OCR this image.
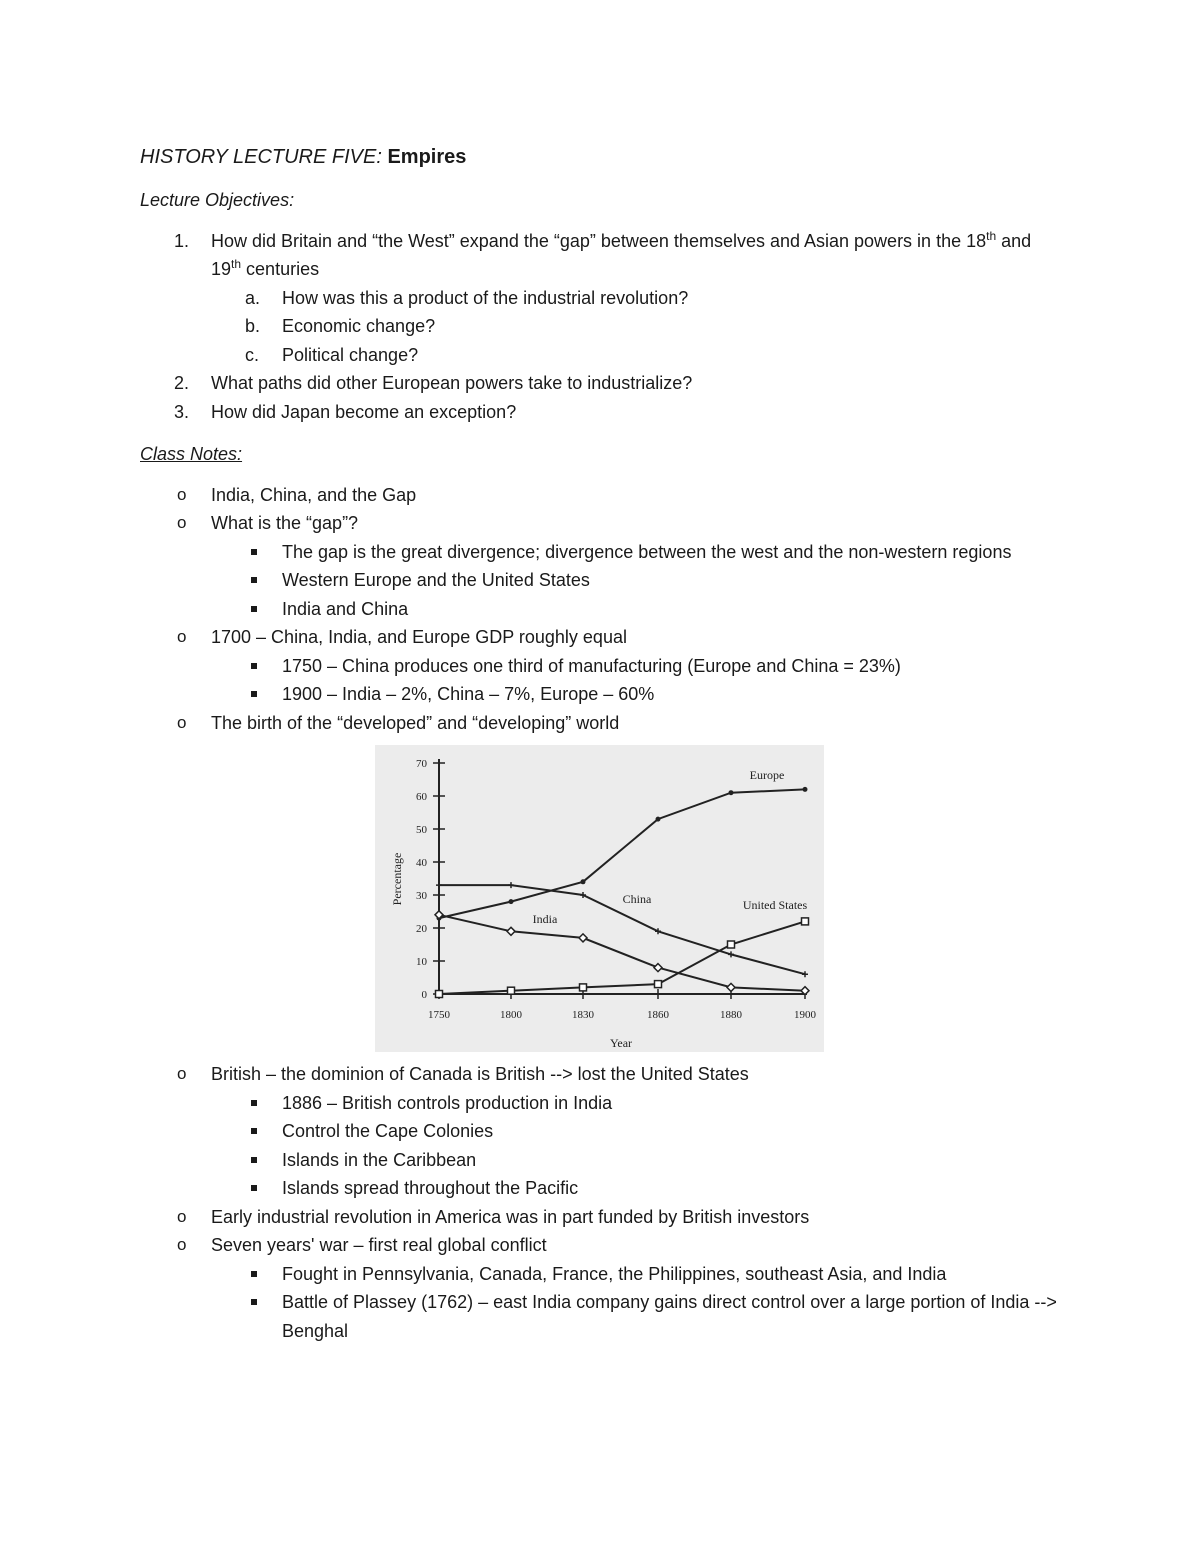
HISTORY LECTURE FIVE: Empires
Lecture Objectives:
1. How did Britain and “the West” expand the “gap” between themselves and Asian powers in the 18th and 19th centuries
a. How was this a product of the industrial revolution?
b. Economic change?
c. Political change?
2. What paths did other European powers take to industrialize?
3. How did Japan become an exception?
Class Notes:
o India, China, and the Gap
o What is the “gap”?
The gap is the great divergence; divergence between the west and the non-western regions
Western Europe and the United States
India and China
o 1700 – China, India, and Europe GDP roughly equal
1750 – China produces one third of manufacturing (Europe and China = 23%)
1900 – India – 2%, China – 7%, Europe – 60%
o The birth of the “developed” and “developing” world
0
10
20
30
40
50
60
70
1750	1800	1830	1860	1880	1900
Year
Percentage
Europe
China
India
United States
o British – the dominion of Canada is British --> lost the United States
1886 – British controls production in India
Control the Cape Colonies
Islands in the Caribbean
Islands spread throughout the Pacific
o Early industrial revolution in America was in part funded by British investors
o Seven years' war – first real global conflict
Fought in Pennsylvania, Canada, France, the Philippines, southeast Asia, and India
Battle of Plassey (1762) – east India company gains direct control over a large portion of India --> Benghal
